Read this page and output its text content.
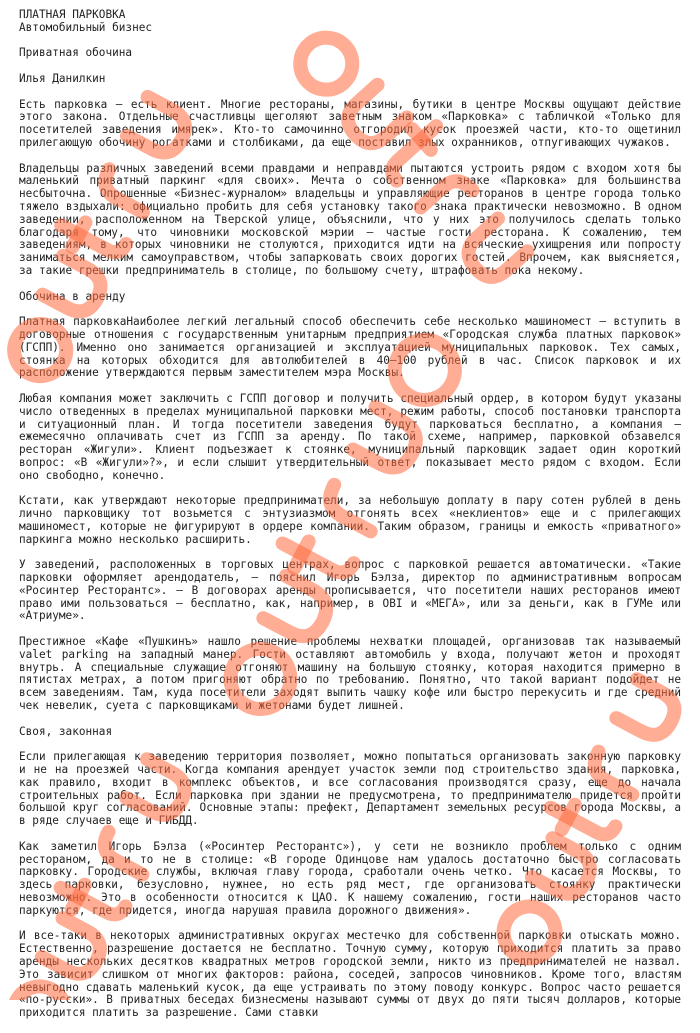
ПЛАТНАЯ ПАРКОВКА

Автомобильный бизнес

Приватная обочина

Илья Данилкин

Есть парковка – есть клиент. Многие рестораны, магазины, бутики в центре Москвы ощущают действие этого закона. Отдельные счастливцы щеголяют заветным знаком «Парковка» с табличкой «Только для посетителей заведения имярек». Кто-то самочинно отгородил кусок проезжей части, кто-то ощетинил прилегающую обочину рогатками и столбиками, да еще поставил злых охранников, отпугивающих чужаков.

Владельцы различных заведений всеми правдами и неправдами пытаются устроить рядом с входом хотя бы маленький приватный паркинг «для своих». Мечта о собственном знаке «Парковка» для большинства несбыточна. Опрошенные «Бизнес-журналом» владельцы и управляющие ресторанов в центре города только тяжело вздыхали: официально пробить для себя установку такого знака практически невозможно. В одном заведении, расположенном на Тверской улице, объяснили, что у них это получилось сделать только благодаря тому, что чиновники московской мэрии – частые гости ресторана. К сожалению, тем заведениям, в которых чиновники не столуются, приходится идти на всяческие ухищрения или попросту заниматься мелким самоуправством, чтобы запарковать своих дорогих гостей. Впрочем, как выясняется, за такие грешки предприниматель в столице, по большому счету, штрафовать пока некому.

Обочина в аренду

Платная парковкаНаиболее легкий легальный способ обеспечить себе несколько машиномест – вступить в договорные отношения с государственным унитарным предприятием «Городская служба платных парковок» (ГСПП). Именно оно занимается организацией и эксплуатацией муниципальных парковок. Тех самых, стоянка на которых обходится для автолюбителей в 40–100 рублей в час. Список парковок и их расположение утверждаются первым заместителем мэра Москвы.

Любая компания может заключить с ГСПП договор и получить специальный ордер, в котором будут указаны число отведенных в пределах муниципальной парковки мест, режим работы, способ постановки транспорта и ситуационный план. И тогда посетители заведения будут парковаться бесплатно, а компания – ежемесячно оплачивать счет из ГСПП за аренду. По такой схеме, например, парковкой обзавелся ресторан «Жигули». Клиент подъезжает к стоянке, муниципальный парковщик задает один короткий вопрос: «В «Жигули»?», и если слышит утвердительный ответ, показывает место рядом с входом. Если оно свободно, конечно.

Кстати, как утверждают некоторые предприниматели, за небольшую доплату в пару сотен рублей в день лично парковщику тот возьмется с энтузиазмом отгонять всех «неклиентов» еще и с прилегающих машиномест, которые не фигурируют в ордере компании. Таким образом, границы и емкость «приватного» паркинга можно несколько расширить.

У заведений, расположенных в торговых центрах, вопрос с парковкой решается автоматически. «Такие парковки оформляет арендодатель, – пояснил Игорь Бэлза, директор по административным вопросам «Росинтер Ресторантс». – В договорах аренды прописывается, что посетители наших ресторанов имеют право ими пользоваться – бесплатно, как, например, в OBI и «МЕГА», или за деньги, как в ГУМе или «Атриуме».

Престижное «Кафе «Пушкинъ» нашло решение проблемы нехватки площадей, организовав так называемый valet parking на западный манер. Гости оставляют автомобиль у входа, получают жетон и проходят внутрь. А специальные служащие отгоняют машину на большую стоянку, которая находится примерно в пятистах метрах, а потом пригоняют обратно по требованию. Понятно, что такой вариант подойдет не всем заведениям. Там, куда посетители заходят выпить чашку кофе или быстро перекусить и где средний чек невелик, суета с парковщиками и жетонами будет лишней.

Своя, законная

Если прилегающая к заведению территория позволяет, можно попытаться организовать законную парковку и не на проезжей части. Когда компания арендует участок земли под строительство здания, парковка, как правило, входит в комплекс объектов, и все согласования производятся сразу, еще до начала строительных работ. Если парковка при здании не предусмотрена, то предпринимателю придется пройти большой круг согласований. Основные этапы: префект, Департамент земельных ресурсов города Москвы, а в ряде случаев еще и ГИБДД.

Как заметил Игорь Бэлза («Росинтер Ресторантс»), у сети не возникло проблем только с одним рестораном, да и то не в столице: «В городе Одинцове нам удалось достаточно быстро согласовать парковку. Городские службы, включая главу города, сработали очень четко. Что касается Москвы, то здесь парковки, безусловно, нужнее, но есть ряд мест, где организовать стоянку практически невозможно. Это в особенности относится к ЦАО. К нашему сожалению, гости наших ресторанов часто паркуются, где придется, иногда нарушая правила дорожного движения».

И все-таки в некоторых административных округах местечко для собственной парковки отыскать можно. Естественно, разрешение достается не бесплатно. Точную сумму, которую приходится платить за право аренды нескольких десятков квадратных метров городской земли, никто из предпринимателей не назвал. Это зависит слишком от многих факторов: района, соседей, запросов чиновников. Кроме того, властям невыгодно сдавать маленький кусок, да еще устраивать по этому поводу конкурс. Вопрос часто решается «по-русски». В приватных беседах бизнесмены называют суммы от двух до пяти тысяч долларов, которые приходится платить за разрешение. Сами ставки
